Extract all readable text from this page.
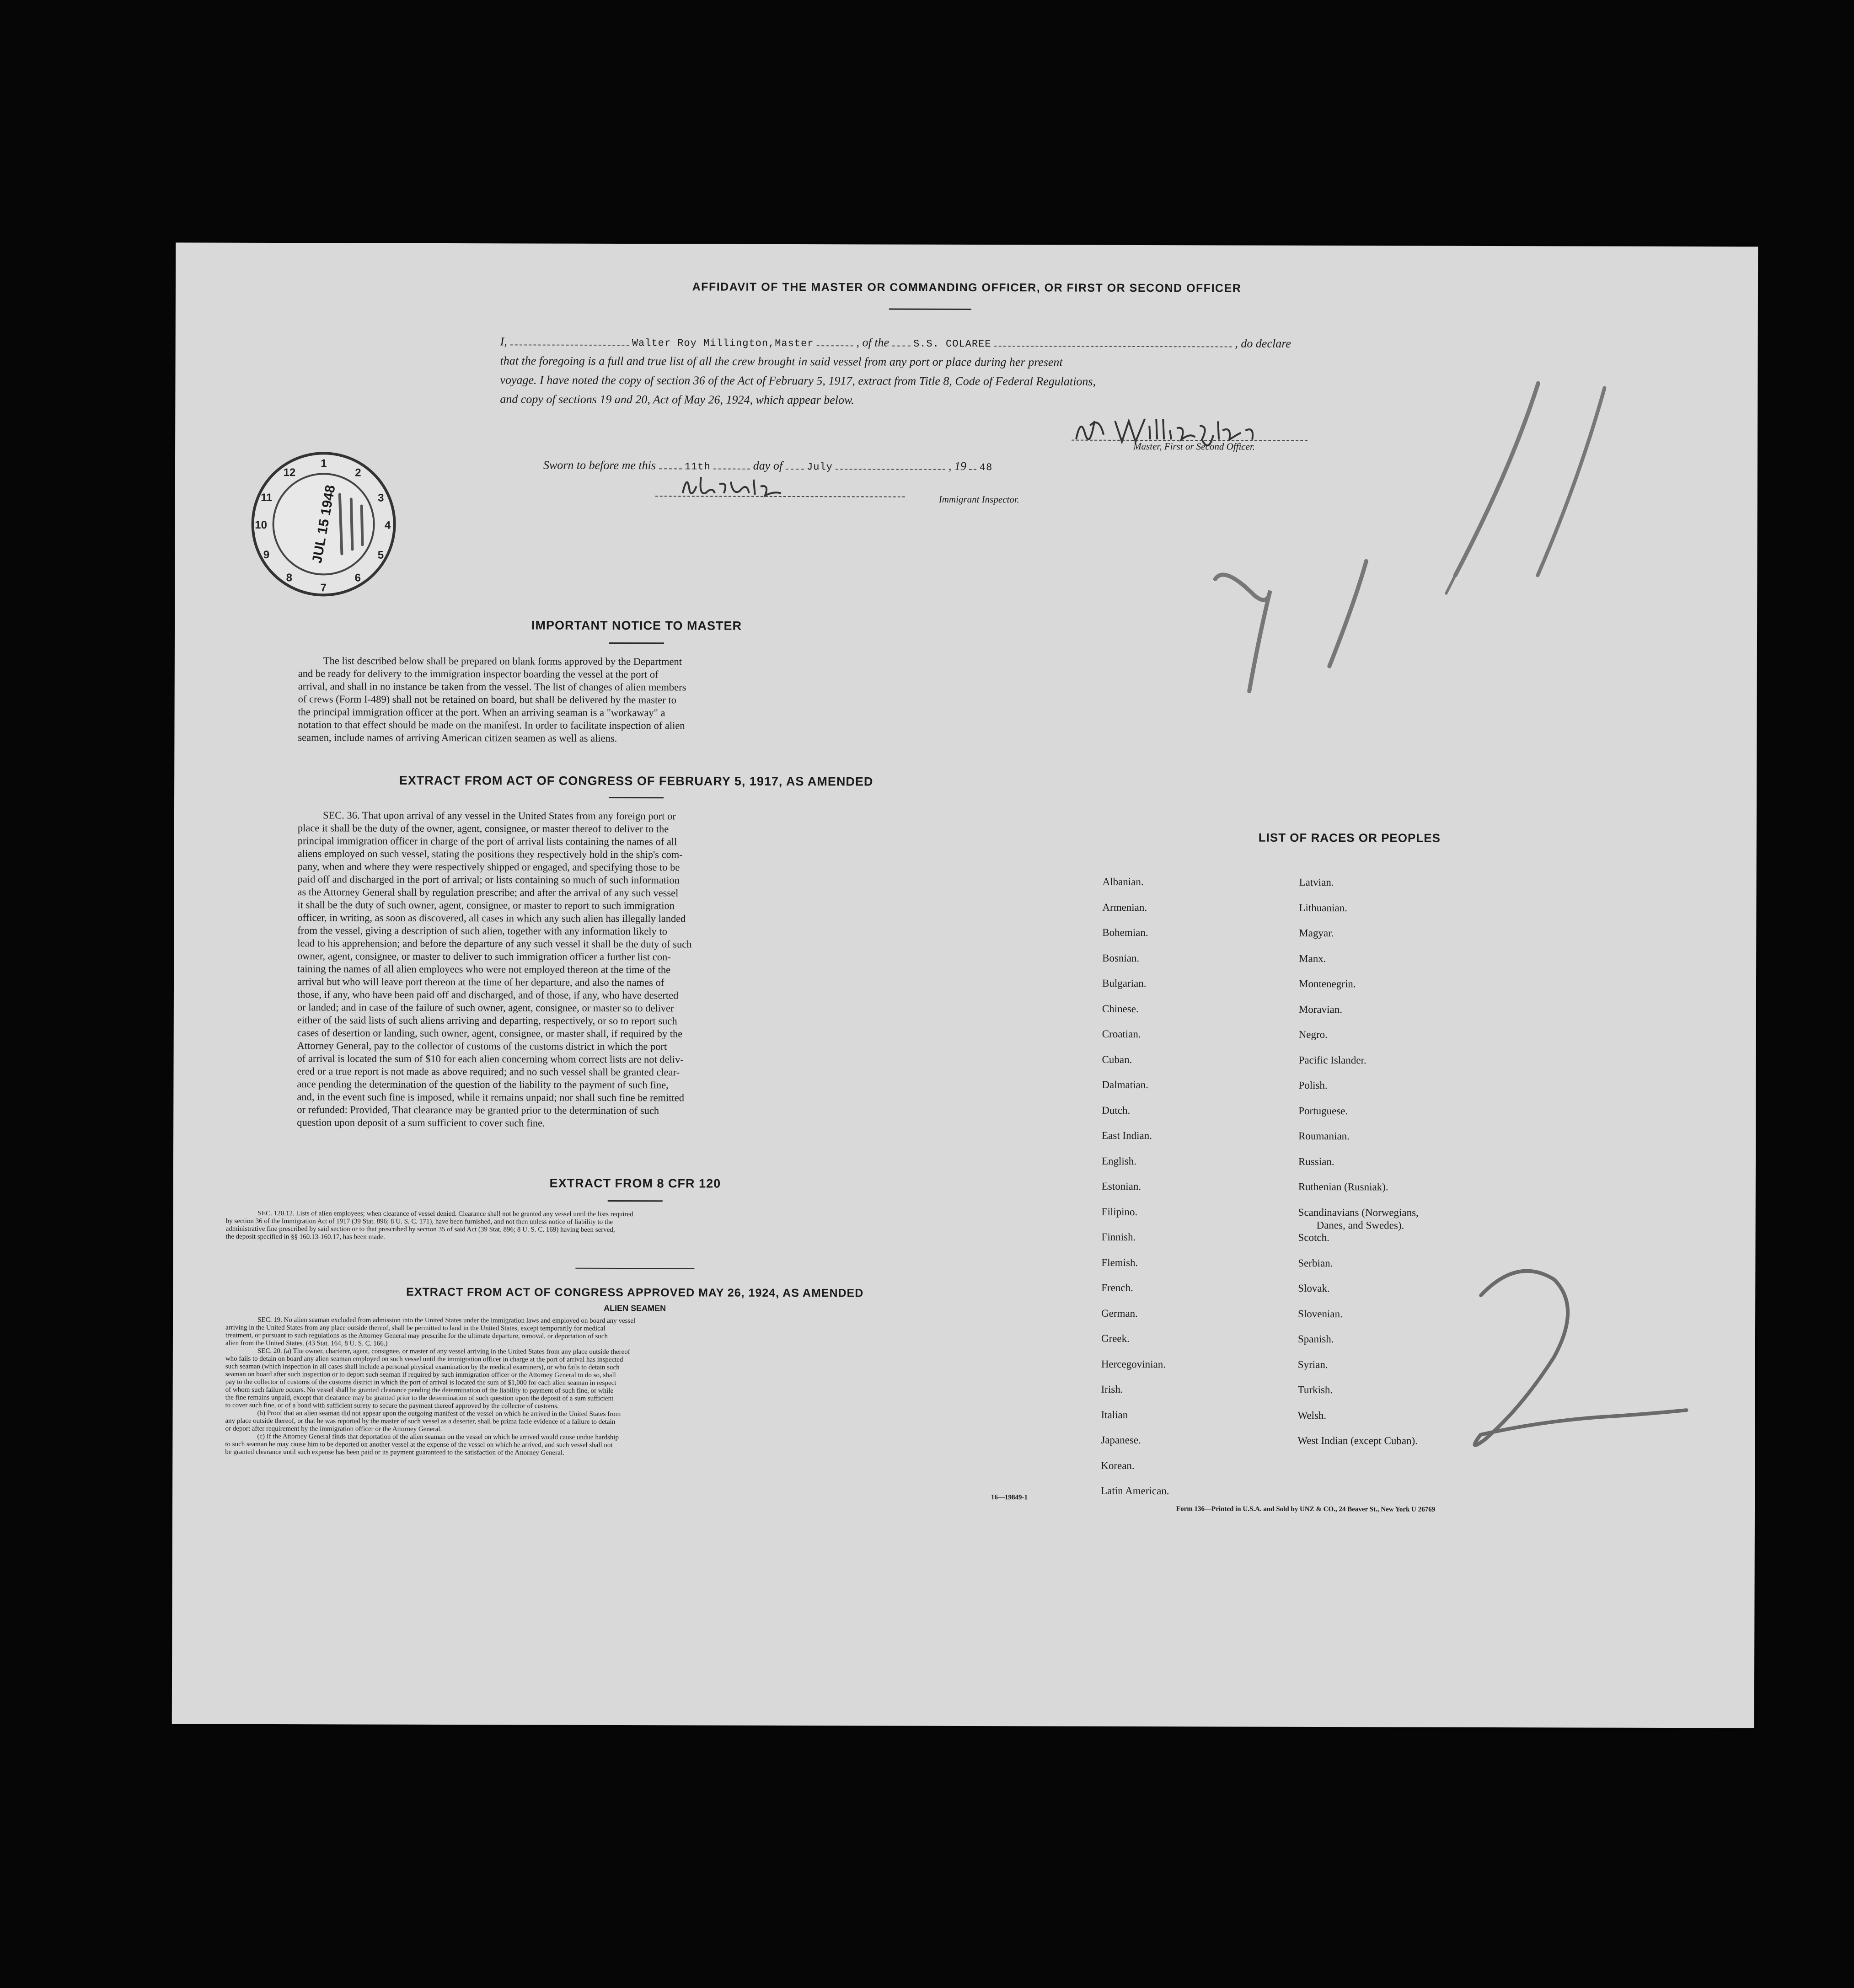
AFFIDAVIT OF THE MASTER OR COMMANDING OFFICER, OR FIRST OR SECOND OFFICER
I,	Walter Roy Millington,Master	, of the S.S. COLAREE	, do declare
that the foregoing is a full and true list of all the crew brought in said vessel from any port or place during her present
voyage. I have noted the copy of section 36 of the Act of February 5, 1917, extract from Title 8, Code of Federal Regulations,
and copy of sections 19 and 20, Act of May 26, 1924, which appear below.
Master, First or Second Officer.
Sworn to before me this	11th	day of July	, 19 48
Immigrant Inspector.
1
2
3
4
5
6
7
8
9
10
11
12
JUL 15 1948
IMPORTANT NOTICE TO MASTER
The list described below shall be prepared on blank forms approved by the Department
and be ready for delivery to the immigration inspector boarding the vessel at the port of
arrival, and shall in no instance be taken from the vessel. The list of changes of alien members
of crews (Form I-489) shall not be retained on board, but shall be delivered by the master to
the principal immigration officer at the port. When an arriving seaman is a "workaway" a
notation to that effect should be made on the manifest. In order to facilitate inspection of alien
seamen, include names of arriving American citizen seamen as well as aliens.
EXTRACT FROM ACT OF CONGRESS OF FEBRUARY 5, 1917, AS AMENDED
SEC. 36. That upon arrival of any vessel in the United States from any foreign port or
place it shall be the duty of the owner, agent, consignee, or master thereof to deliver to the
principal immigration officer in charge of the port of arrival lists containing the names of all
aliens employed on such vessel, stating the positions they respectively hold in the ship's com-
pany, when and where they were respectively shipped or engaged, and specifying those to be
paid off and discharged in the port of arrival; or lists containing so much of such information
as the Attorney General shall by regulation prescribe; and after the arrival of any such vessel
it shall be the duty of such owner, agent, consignee, or master to report to such immigration
officer, in writing, as soon as discovered, all cases in which any such alien has illegally landed
from the vessel, giving a description of such alien, together with any information likely to
lead to his apprehension; and before the departure of any such vessel it shall be the duty of such
owner, agent, consignee, or master to deliver to such immigration officer a further list con-
taining the names of all alien employees who were not employed thereon at the time of the
arrival but who will leave port thereon at the time of her departure, and also the names of
those, if any, who have been paid off and discharged, and of those, if any, who have deserted
or landed; and in case of the failure of such owner, agent, consignee, or master so to deliver
either of the said lists of such aliens arriving and departing, respectively, or so to report such
cases of desertion or landing, such owner, agent, consignee, or master shall, if required by the
Attorney General, pay to the collector of customs of the customs district in which the port
of arrival is located the sum of $10 for each alien concerning whom correct lists are not deliv-
ered or a true report is not made as above required; and no such vessel shall be granted clear-
ance pending the determination of the question of the liability to the payment of such fine,
and, in the event such fine is imposed, while it remains unpaid; nor shall such fine be remitted
or refunded: Provided, That clearance may be granted prior to the determination of such
question upon deposit of a sum sufficient to cover such fine.
EXTRACT FROM 8 CFR 120
SEC. 120.12. Lists of alien employees; when clearance of vessel denied. Clearance shall not be granted any vessel until the lists required
by section 36 of the Immigration Act of 1917 (39 Stat. 896; 8 U. S. C. 171), have been furnished, and not then unless notice of liability to the
administrative fine prescribed by said section or to that prescribed by section 35 of said Act (39 Stat. 896; 8 U. S. C. 169) having been served,
the deposit specified in §§ 160.13-160.17, has been made.
EXTRACT FROM ACT OF CONGRESS APPROVED MAY 26, 1924, AS AMENDED
ALIEN SEAMEN
SEC. 19. No alien seaman excluded from admission into the United States under the immigration laws and employed on board any vessel
arriving in the United States from any place outside thereof, shall be permitted to land in the United States, except temporarily for medical
treatment, or pursuant to such regulations as the Attorney General may prescribe for the ultimate departure, removal, or deportation of such
alien from the United States. (43 Stat. 164, 8 U. S. C. 166.)
SEC. 20. (a) The owner, charterer, agent, consignee, or master of any vessel arriving in the United States from any place outside thereof
who fails to detain on board any alien seaman employed on such vessel until the immigration officer in charge at the port of arrival has inspected
such seaman (which inspection in all cases shall include a personal physical examination by the medical examiners), or who fails to detain such
seaman on board after such inspection or to deport such seaman if required by such immigration officer or the Attorney General to do so, shall
pay to the collector of customs of the customs district in which the port of arrival is located the sum of $1,000 for each alien seaman in respect
of whom such failure occurs. No vessel shall be granted clearance pending the determination of the liability to payment of such fine, or while
the fine remains unpaid, except that clearance may be granted prior to the determination of such question upon the deposit of a sum sufficient
to cover such fine, or of a bond with sufficient surety to secure the payment thereof approved by the collector of customs.
(b) Proof that an alien seaman did not appear upon the outgoing manifest of the vessel on which he arrived in the United States from
any place outside thereof, or that he was reported by the master of such vessel as a deserter, shall be prima facie evidence of a failure to detain
or deport after requirement by the immigration officer or the Attorney General.
(c) If the Attorney General finds that deportation of the alien seaman on the vessel on which he arrived would cause undue hardship
to such seaman he may cause him to be deported on another vessel at the expense of the vessel on which he arrived, and such vessel shall not
be granted clearance until such expense has been paid or its payment guaranteed to the satisfaction of the Attorney General.
16—19849-1
LIST OF RACES OR PEOPLES
Albanian.
Armenian.
Bohemian.
Bosnian.
Bulgarian.
Chinese.
Croatian.
Cuban.
Dalmatian.
Dutch.
East Indian.
English.
Estonian.
Filipino.
Finnish.
Flemish.
French.
German.
Greek.
Hercegovinian.
Irish.
Italian
Japanese.
Korean.
Latin American.
Latvian.
Lithuanian.
Magyar.
Manx.
Montenegrin.
Moravian.
Negro.
Pacific Islander.
Polish.
Portuguese.
Roumanian.
Russian.
Ruthenian (Rusniak).
Scandinavians (Norwegians,
Danes, and Swedes).
Scotch.
Serbian.
Slovak.
Slovenian.
Spanish.
Syrian.
Turkish.
Welsh.
West Indian (except Cuban).
Form 136—Printed in U.S.A. and Sold by UNZ & CO., 24 Beaver St., New York U 26769
